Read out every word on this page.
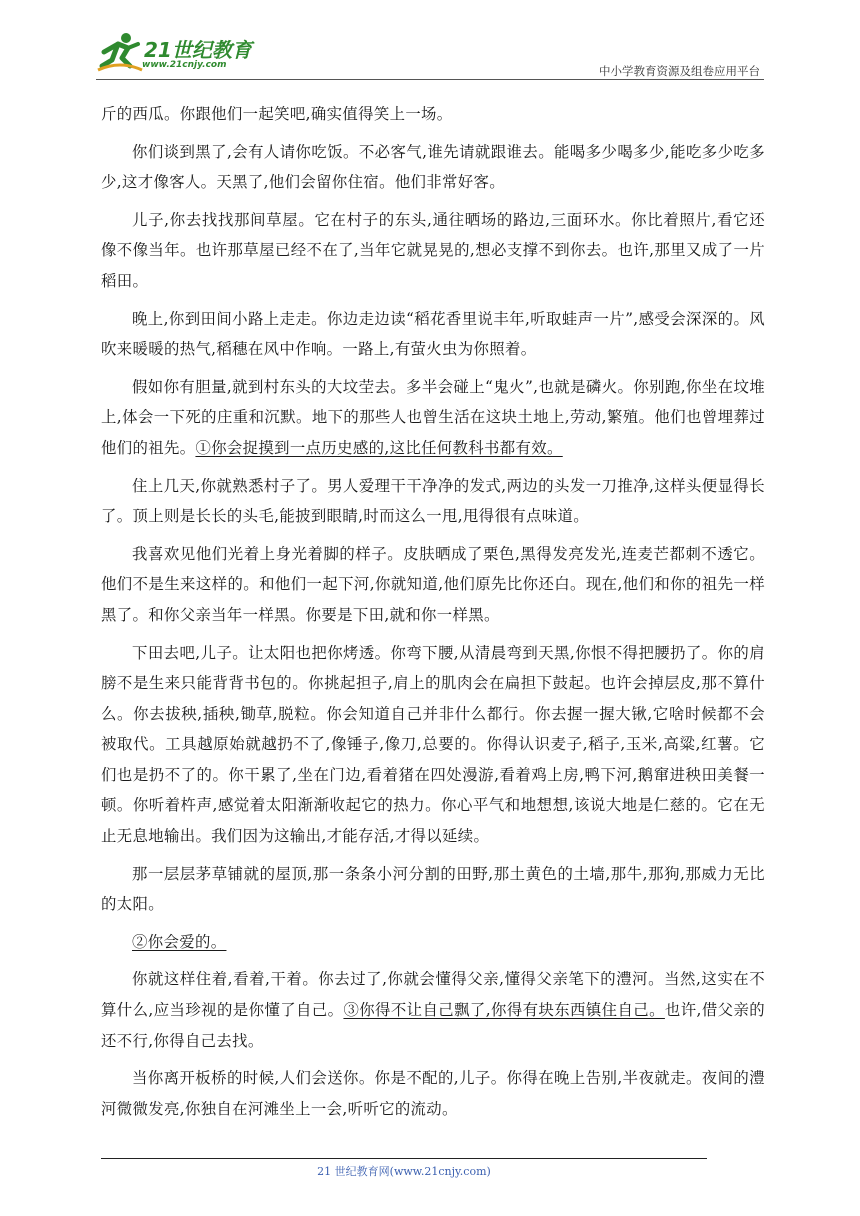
21世纪教育
www.21cnjy.com	中小学教育资源及组卷应用平台

斤的西瓜。你跟他们一起笑吧,确实值得笑上一场。

你们谈到黑了,会有人请你吃饭。不必客气,谁先请就跟谁去。能喝多少喝多少,能吃多少吃多少,这才像客人。天黑了,他们会留你住宿。他们非常好客。

儿子,你去找找那间草屋。它在村子的东头,通往晒场的路边,三面环水。你比着照片,看它还像不像当年。也许那草屋已经不在了,当年它就晃晃的,想必支撑不到你去。也许,那里又成了一片稻田。

晚上,你到田间小路上走走。你边走边读“稻花香里说丰年,听取蛙声一片”,感受会深深的。风吹来暖暖的热气,稻穗在风中作响。一路上,有萤火虫为你照着。

假如你有胆量,就到村东头的大坟茔去。多半会碰上“鬼火”,也就是磷火。你别跑,你坐在坟堆上,体会一下死的庄重和沉默。地下的那些人也曾生活在这块土地上,劳动,繁殖。他们也曾埋葬过他们的祖先。①你会捉摸到一点历史感的,这比任何教科书都有效。

住上几天,你就熟悉村子了。男人爱理干干净净的发式,两边的头发一刀推净,这样头便显得长了。顶上则是长长的头毛,能披到眼睛,时而这么一甩,甩得很有点味道。

我喜欢见他们光着上身光着脚的样子。皮肤晒成了栗色,黑得发亮发光,连麦芒都刺不透它。他们不是生来这样的。和他们一起下河,你就知道,他们原先比你还白。现在,他们和你的祖先一样黑了。和你父亲当年一样黑。你要是下田,就和你一样黑。

下田去吧,儿子。让太阳也把你烤透。你弯下腰,从清晨弯到天黑,你恨不得把腰扔了。你的肩膀不是生来只能背背书包的。你挑起担子,肩上的肌肉会在扁担下鼓起。也许会掉层皮,那不算什么。你去拔秧,插秧,锄草,脱粒。你会知道自己并非什么都行。你去握一握大锹,它啥时候都不会被取代。工具越原始就越扔不了,像锤子,像刀,总要的。你得认识麦子,稻子,玉米,高粱,红薯。它们也是扔不了的。你干累了,坐在门边,看着猪在四处漫游,看着鸡上房,鸭下河,鹅窜进秧田美餐一顿。你听着杵声,感觉着太阳渐渐收起它的热力。你心平气和地想想,该说大地是仁慈的。它在无止无息地输出。我们因为这输出,才能存活,才得以延续。

那一层层茅草铺就的屋顶,那一条条小河分割的田野,那土黄色的土墙,那牛,那狗,那威力无比的太阳。

②你会爱的。

你就这样住着,看着,干着。你去过了,你就会懂得父亲,懂得父亲笔下的澧河。当然,这实在不算什么,应当珍视的是你懂了自己。③你得不让自己飘了,你得有块东西镇住自己。也许,借父亲的还不行,你得自己去找。

当你离开板桥的时候,人们会送你。你是不配的,儿子。你得在晚上告别,半夜就走。夜间的澧河微微发亮,你独自在河滩坐上一会,听听它的流动。

21 世纪教育网(www.21cnjy.com)
